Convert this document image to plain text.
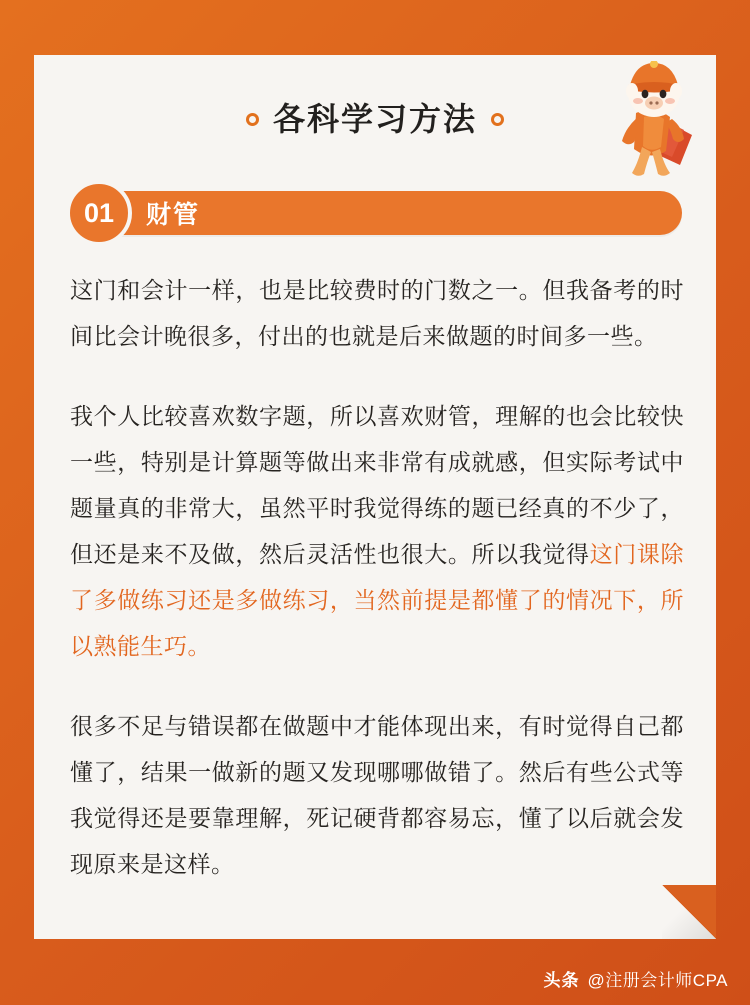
各科学习方法
财管
01

这门和会计一样，也是比较费时的门数之一。但我备考的时间比会计晚很多，付出的也就是后来做题的时间多一些。

我个人比较喜欢数字题，所以喜欢财管，理解的也会比较快一些，特别是计算题等做出来非常有成就感，但实际考试中题量真的非常大，虽然平时我觉得练的题已经真的不少了，但还是来不及做，然后灵活性也很大。所以我觉得这门课除了多做练习还是多做练习，当然前提是都懂了的情况下，所以熟能生巧。

很多不足与错误都在做题中才能体现出来，有时觉得自己都懂了，结果一做新的题又发现哪哪做错了。然后有些公式等我觉得还是要靠理解，死记硬背都容易忘，懂了以后就会发现原来是这样。

头条 @注册会计师CPA
